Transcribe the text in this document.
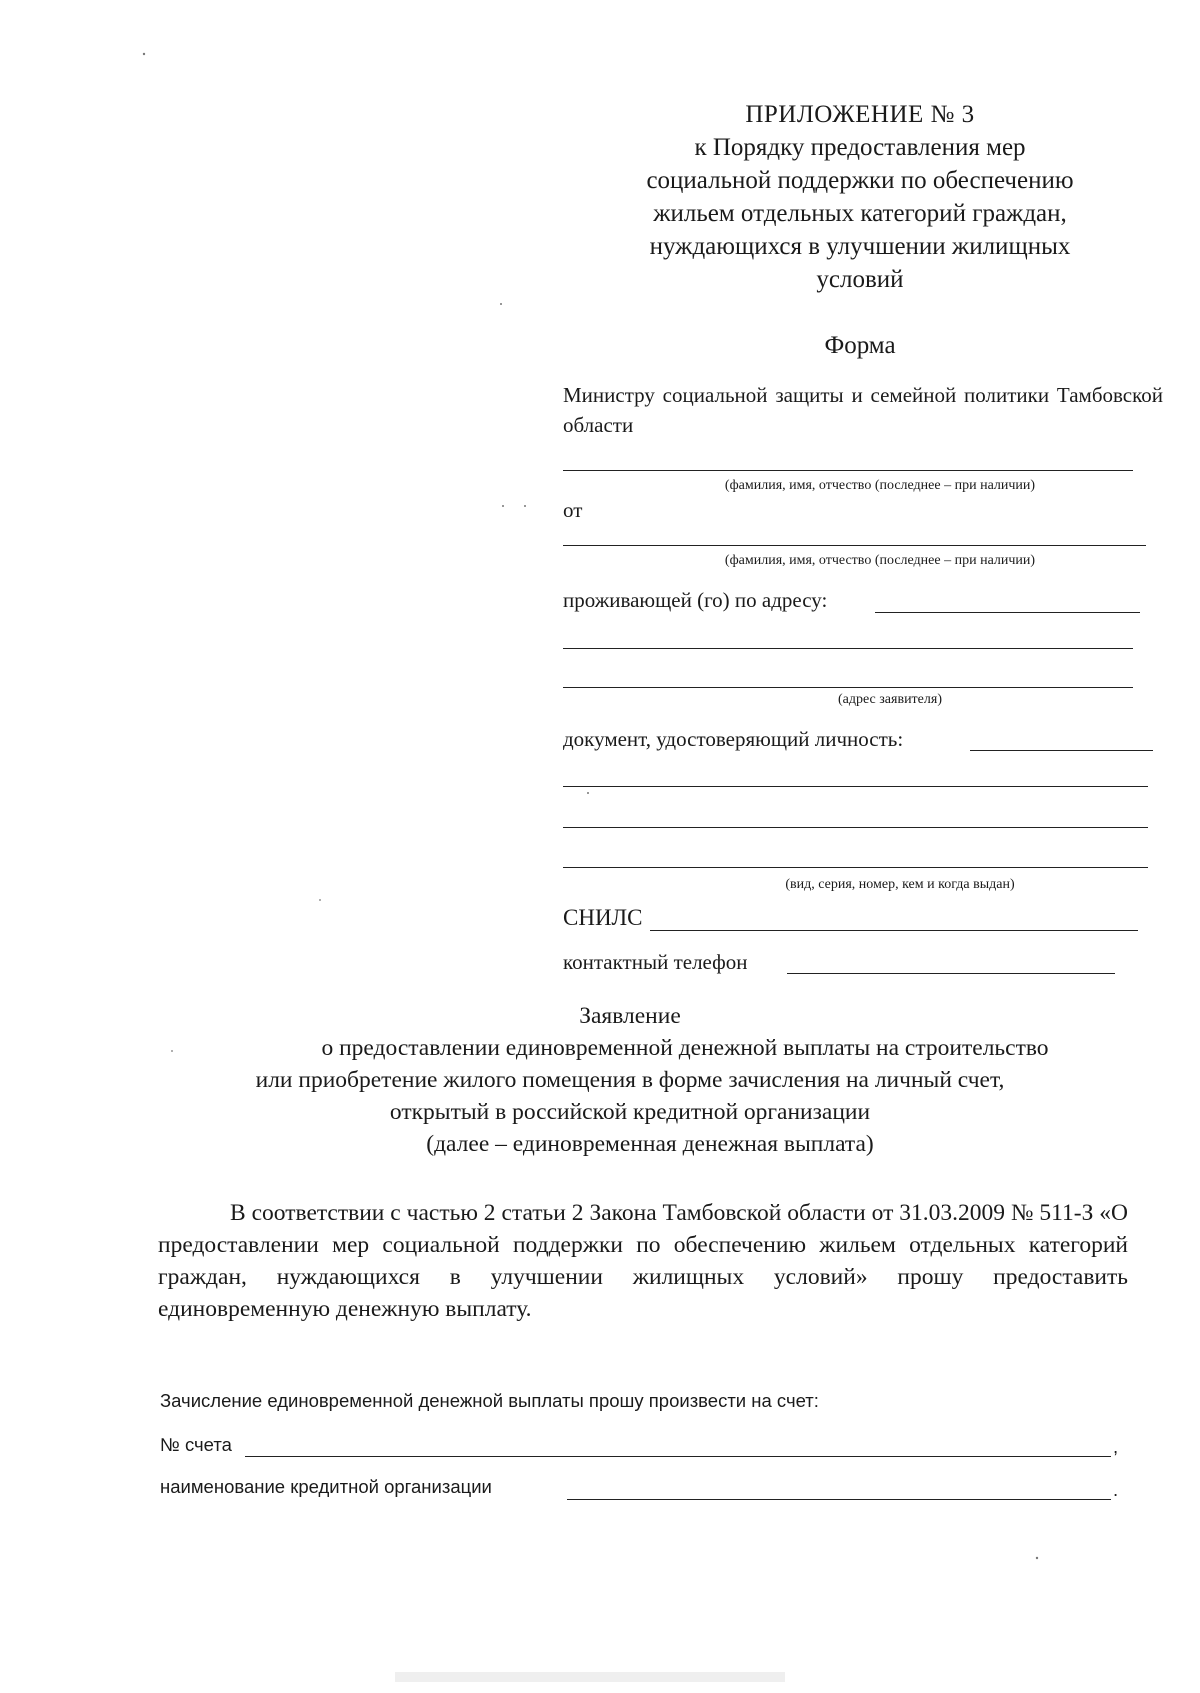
ПРИЛОЖЕНИЕ № 3
к Порядку предоставления мер
социальной поддержки по обеспечению
жильем отдельных категорий граждан,
нуждающихся в улучшении жилищных
условий
Форма
Министру социальной защиты и семейной политики Тамбовской области
(фамилия, имя, отчество (последнее – при наличии)
от
(фамилия, имя, отчество (последнее – при наличии)
проживающей (го) по адресу:
(адрес заявителя)
документ, удостоверяющий личность:
(вид, серия, номер, кем и когда выдан)
СНИЛС
контактный телефон
Заявление
о предоставлении единовременной денежной выплаты на строительство
или приобретение жилого помещения в форме зачисления на личный счет,
открытый в российской кредитной организации
(далее – единовременная денежная выплата)
В соответствии с частью 2 статьи 2 Закона Тамбовской области от 31.03.2009 № 511-З «О предоставлении мер социальной поддержки по обеспечению жильем отдельных категорий граждан, нуждающихся в улучшении жилищных условий» прошу предоставить единовременную денежную выплату.
Зачисление единовременной денежной выплаты прошу произвести на счет:
№ счета	,
наименование кредитной организации	.
